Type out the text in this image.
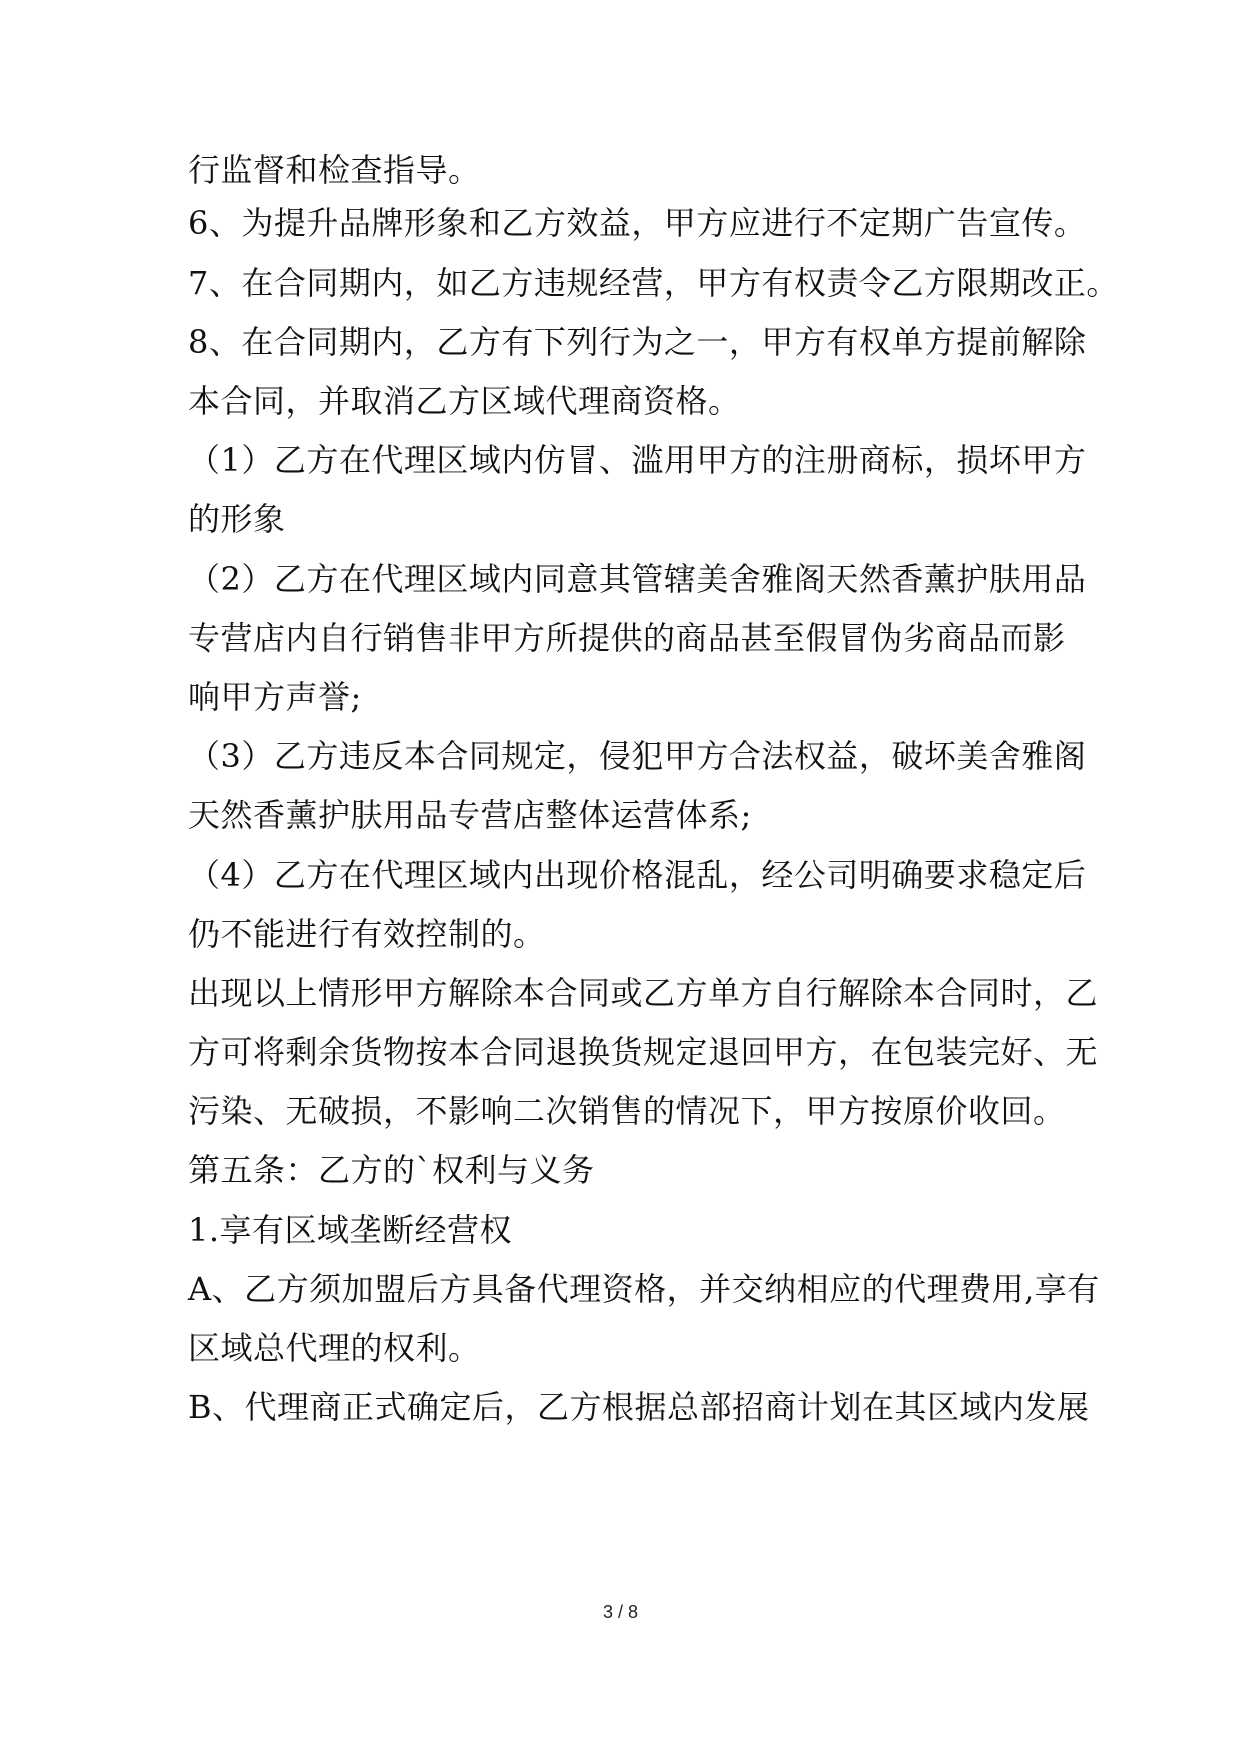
行监督和检查指导。
6、为提升品牌形象和乙方效益，甲方应进行不定期广告宣传。
7、在合同期内，如乙方违规经营，甲方有权责令乙方限期改正。
8、在合同期内，乙方有下列行为之一，甲方有权单方提前解除
本合同，并取消乙方区域代理商资格。
（1）乙方在代理区域内仿冒、滥用甲方的注册商标，损坏甲方
的形象
（2）乙方在代理区域内同意其管辖美舍雅阁天然香薰护肤用品
专营店内自行销售非甲方所提供的商品甚至假冒伪劣商品而影
响甲方声誉;
（3）乙方违反本合同规定，侵犯甲方合法权益，破坏美舍雅阁
天然香薰护肤用品专营店整体运营体系;
（4）乙方在代理区域内出现价格混乱，经公司明确要求稳定后
仍不能进行有效控制的。
出现以上情形甲方解除本合同或乙方单方自行解除本合同时，乙
方可将剩余货物按本合同退换货规定退回甲方，在包装完好、无
污染、无破损，不影响二次销售的情况下，甲方按原价收回。
第五条：乙方的`权利与义务
1.享有区域垄断经营权
A、乙方须加盟后方具备代理资格，并交纳相应的代理费用,享有
区域总代理的权利。
B、代理商正式确定后，乙方根据总部招商计划在其区域内发展
3 / 8
